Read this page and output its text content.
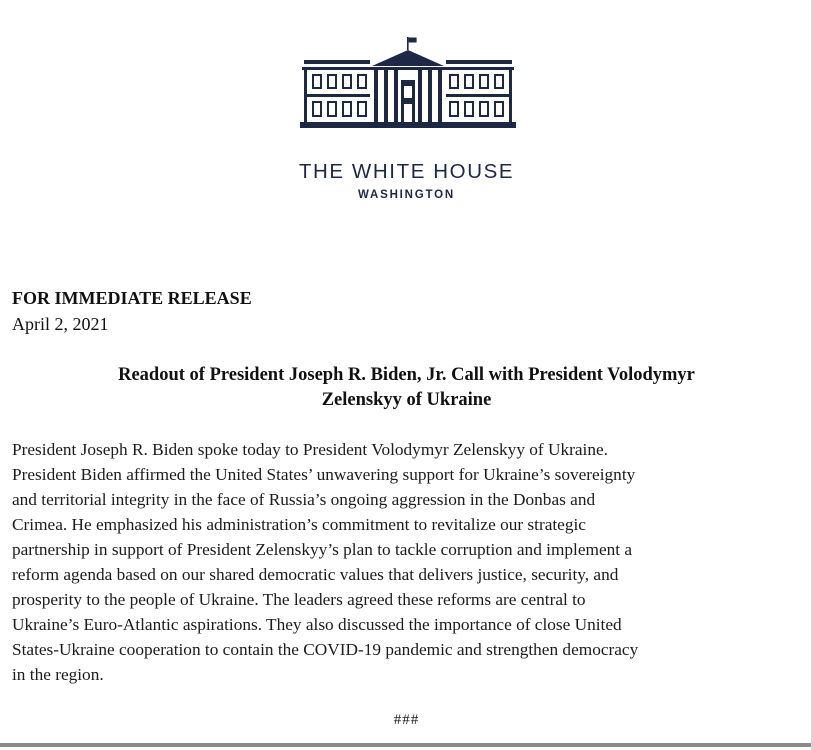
THE WHITE HOUSE
WASHINGTON
FOR IMMEDIATE RELEASE
April 2, 2021
Readout of President Joseph R. Biden, Jr. Call with President Volodymyr
Zelenskyy of Ukraine
President Joseph R. Biden spoke today to President Volodymyr Zelenskyy of Ukraine.
President Biden affirmed the United States’ unwavering support for Ukraine’s sovereignty
and territorial integrity in the face of Russia’s ongoing aggression in the Donbas and
Crimea. He emphasized his administration’s commitment to revitalize our strategic
partnership in support of President Zelenskyy’s plan to tackle corruption and implement a
reform agenda based on our shared democratic values that delivers justice, security, and
prosperity to the people of Ukraine. The leaders agreed these reforms are central to
Ukraine’s Euro-Atlantic aspirations. They also discussed the importance of close United
States-Ukraine cooperation to contain the COVID-19 pandemic and strengthen democracy
in the region.
###
